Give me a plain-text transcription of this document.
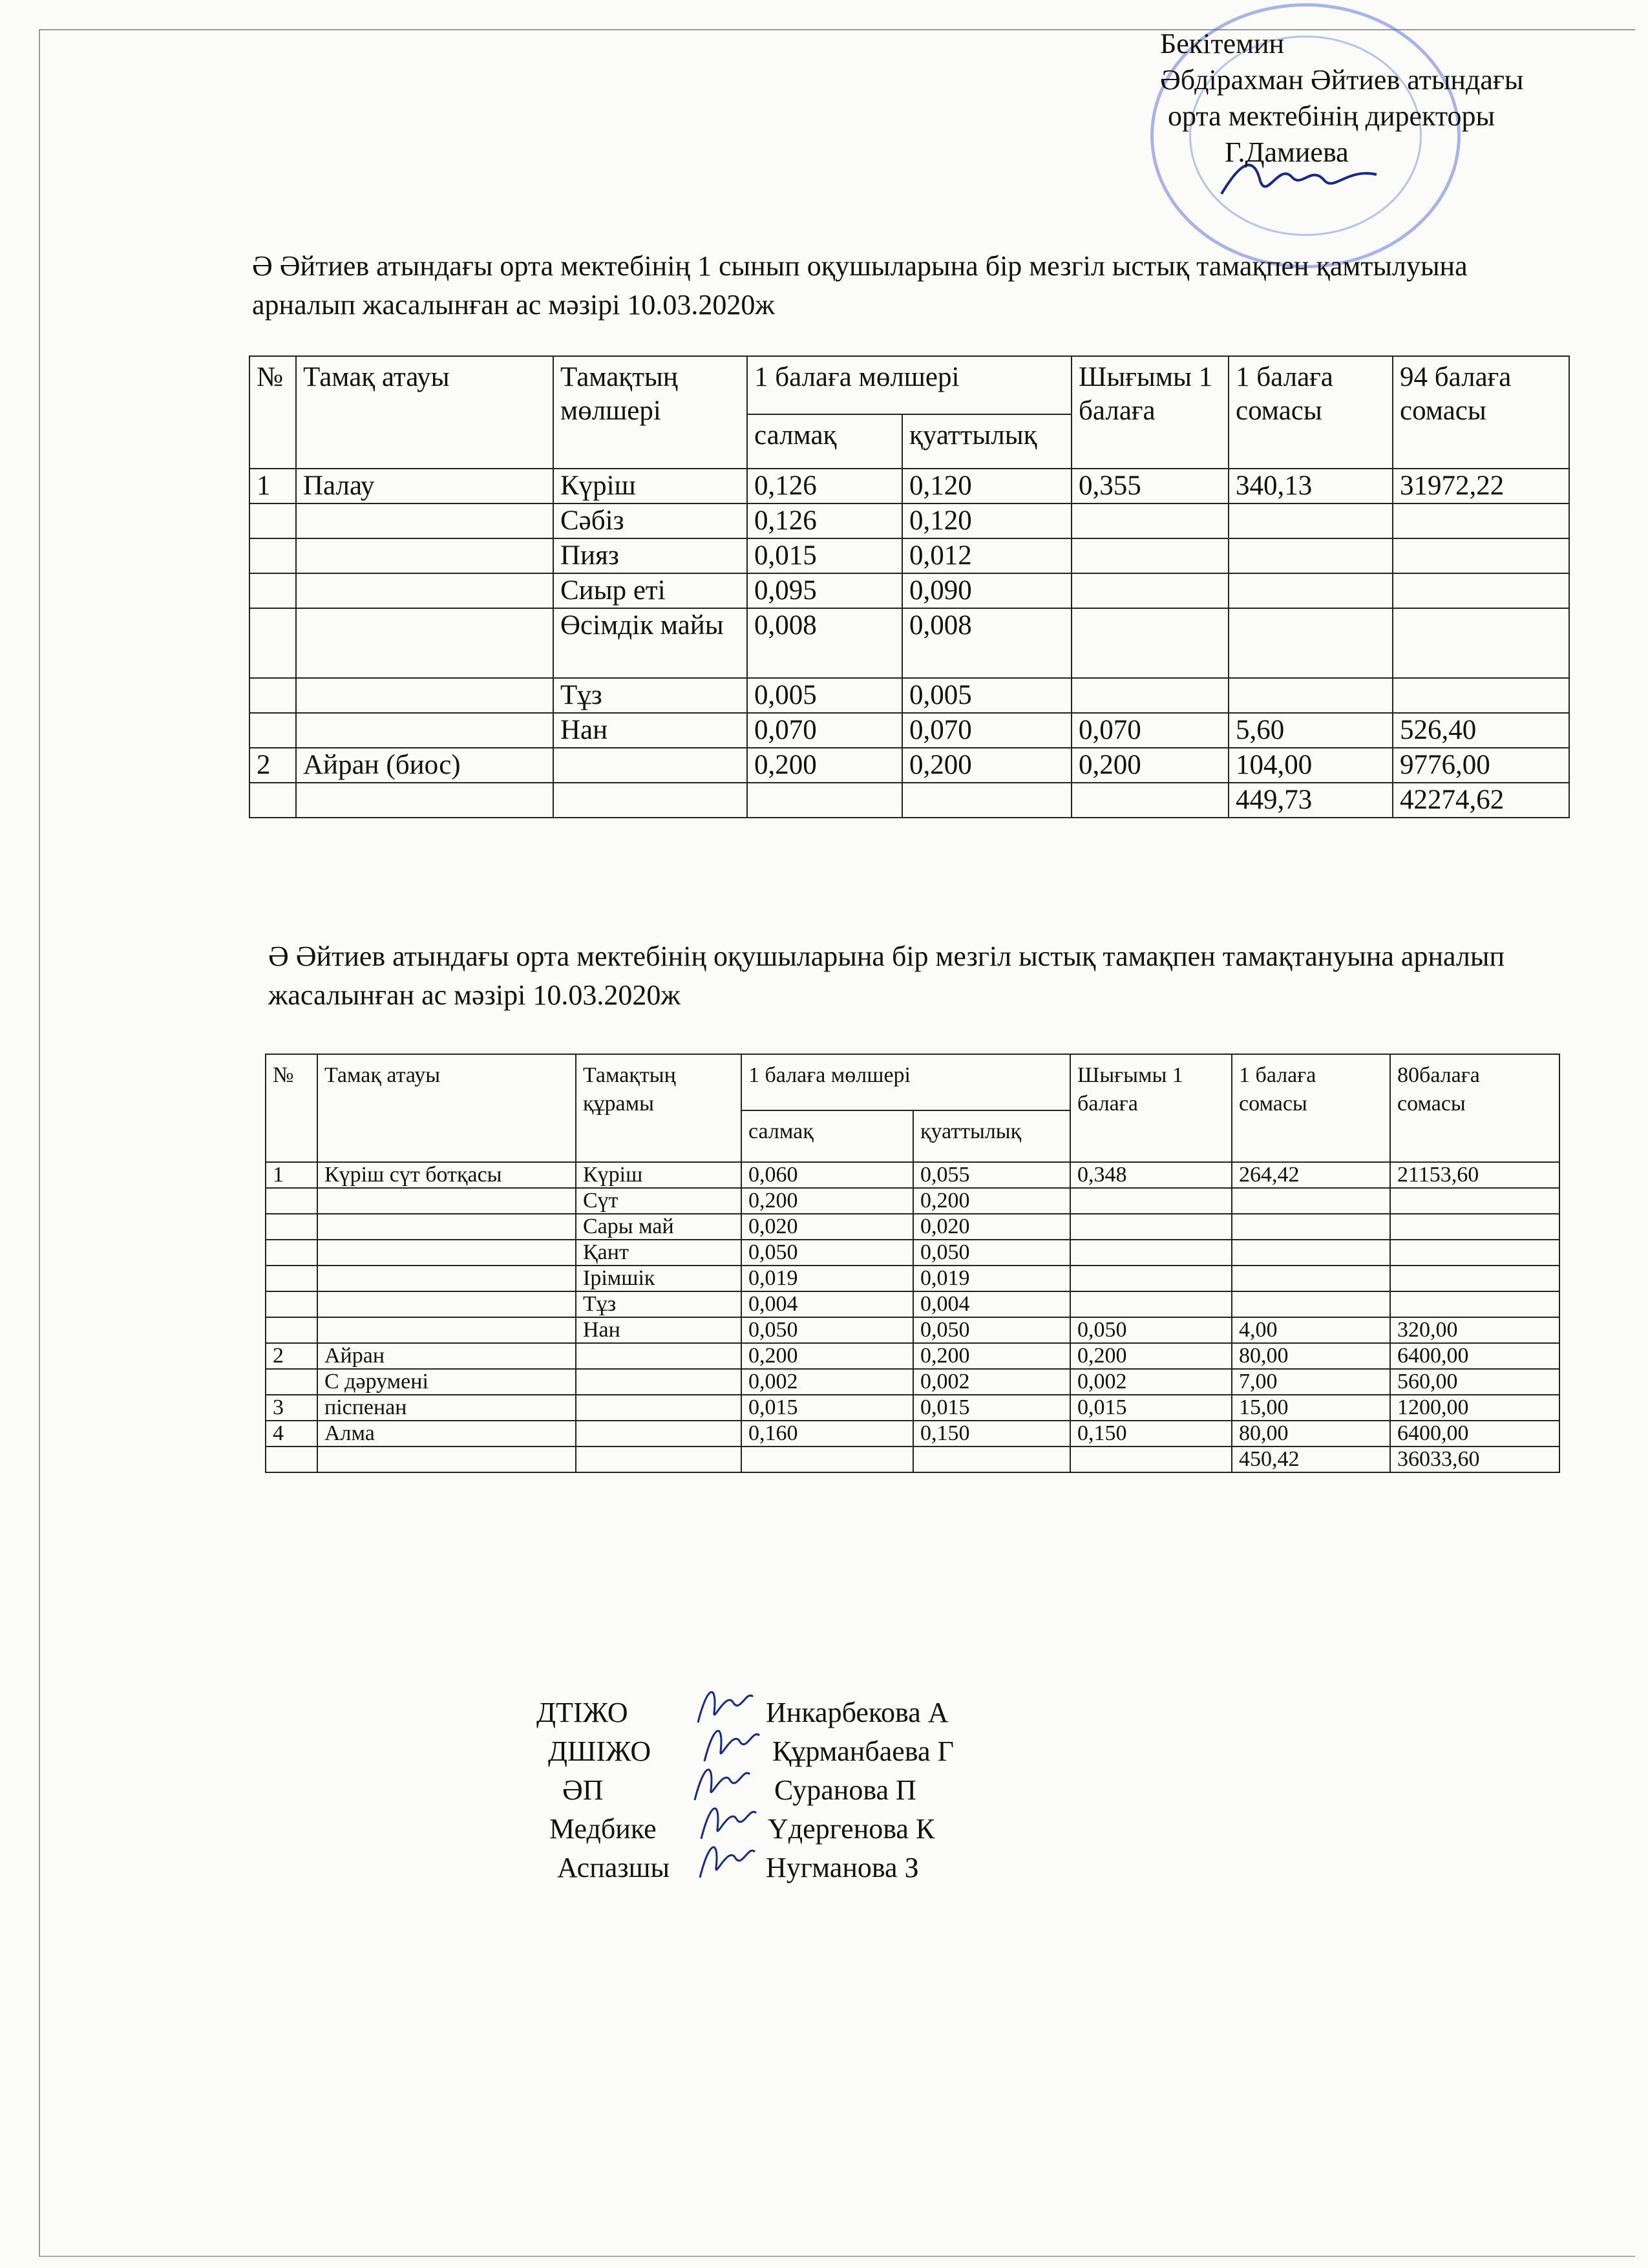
Бекітемин
Әбдірахман Әйтиев атындағы
орта мектебінің директоры
Г.Дамиева
Ә Әйтиев атындағы орта мектебінің 1 сынып оқушыларына бір мезгіл ыстық тамақпен қамтылуына арналып жасалынған ас мәзірі 10.03.2020ж
№	Тамақ атауы	Тамақтың мөлшері	1 балаға мөлшері		Шығымы 1 балаға	1 балаға сомасы	94 балаға сомасы
			салмақ	қуаттылық			
1	Палау	Күріш	0,126	0,120	0,355	340,13	31972,22
		Сәбіз	0,126	0,120			
		Пияз	0,015	0,012			
		Сиыр еті	0,095	0,090			
		Өсімдік майы	0,008	0,008			
		Тұз	0,005	0,005			
		Нан	0,070	0,070	0,070	5,60	526,40
2	Айран (биос)		0,200	0,200	0,200	104,00	9776,00
						449,73	42274,62
Ә Әйтиев атындағы орта мектебінің оқушыларына бір мезгіл ыстық тамақпен тамақтануына арналып жасалынған ас мәзірі 10.03.2020ж
№	Тамақ атауы	Тамақтың құрамы	1 балаға мөлшері		Шығымы 1 балаға	1 балаға сомасы	80балаға сомасы
			салмақ	қуаттылық			
1	Күріш сүт ботқасы	Күріш	0,060	0,055	0,348	264,42	21153,60
		Сүт	0,200	0,200			
		Сары май	0,020	0,020			
		Қант	0,050	0,050			
		Ірімшік	0,019	0,019			
		Тұз	0,004	0,004			
		Нан	0,050	0,050	0,050	4,00	320,00
2	Айран		0,200	0,200	0,200	80,00	6400,00
	С дәрумені		0,002	0,002	0,002	7,00	560,00
3	піспенан		0,015	0,015	0,015	15,00	1200,00
4	Алма		0,160	0,150	0,150	80,00	6400,00
						450,42	36033,60
ДТІЖО	Инкарбекова А
ДШІЖО	Құрманбаева Г
ӘП	Суранова П
Медбике	Үдергенова К
Аспазшы	Нугманова З
